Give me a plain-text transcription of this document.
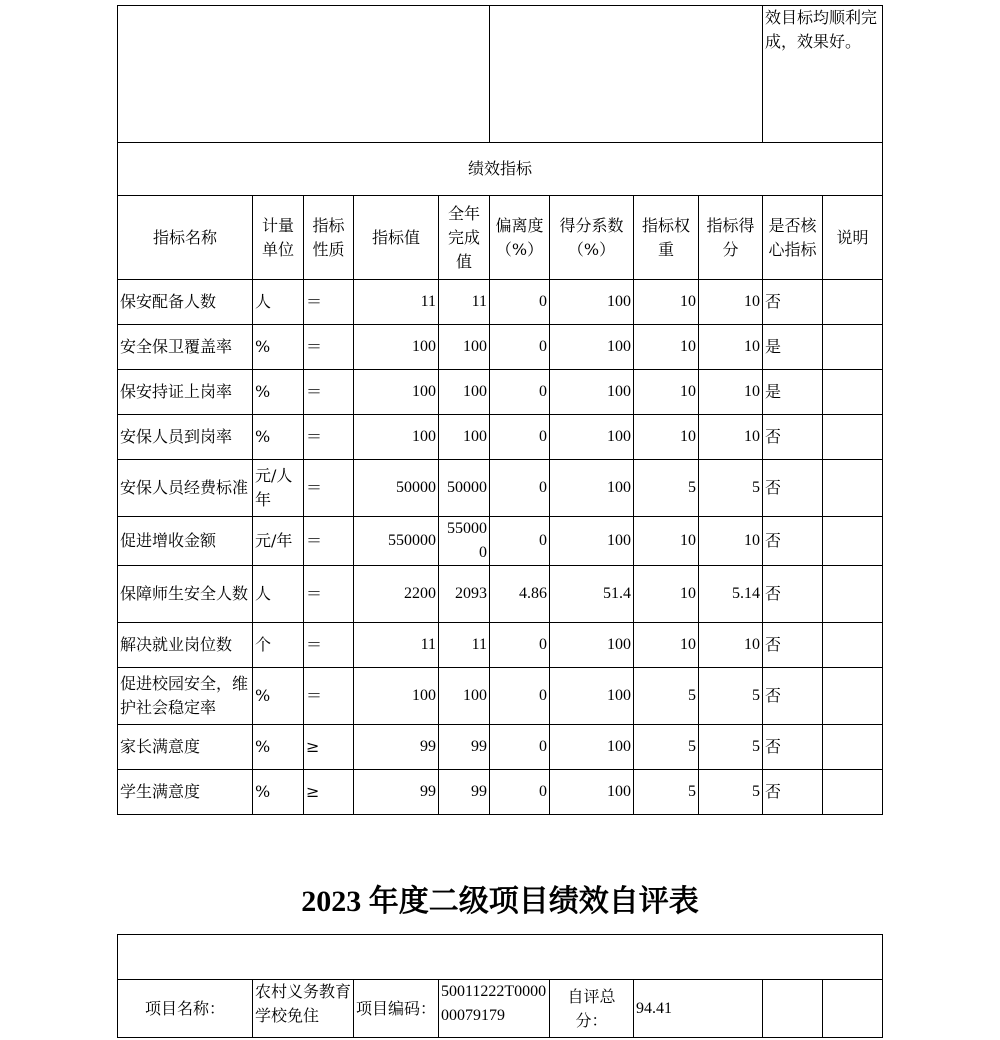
									效目标均顺利完成，效果好。	
绩效指标										
指标名称	计量单位	指标性质	指标值	全年完成值	偏离度（%）	得分系数（%）	指标权重	指标得分	是否核心指标	说明
保安配备人数	人	＝	11	11	0	100	10	10	否	
安全保卫覆盖率	%	＝	100	100	0	100	10	10	是	
保安持证上岗率	%	＝	100	100	0	100	10	10	是	
安保人员到岗率	%	＝	100	100	0	100	10	10	否	
安保人员经费标准	元/人年	＝	50000	50000	0	100	5	5	否	
促进增收金额	元/年	＝	550000	550000	0	100	10	10	否	
保障师生安全人数	人	＝	2200	2093	4.86	51.4	10	5.14	否	
解决就业岗位数	个	＝	11	11	0	100	10	10	否	
促进校园安全，维护社会稳定率	%	＝	100	100	0	100	5	5	否	
家长满意度	%	≥	99	99	0	100	5	5	否	
学生满意度	%	≥	99	99	0	100	5	5	否	
2023 年度二级项目绩效自评表

项目名称：	农村义务教育学校免住	项目编码：	50011222T000000079179	自评总分：	94.41		
